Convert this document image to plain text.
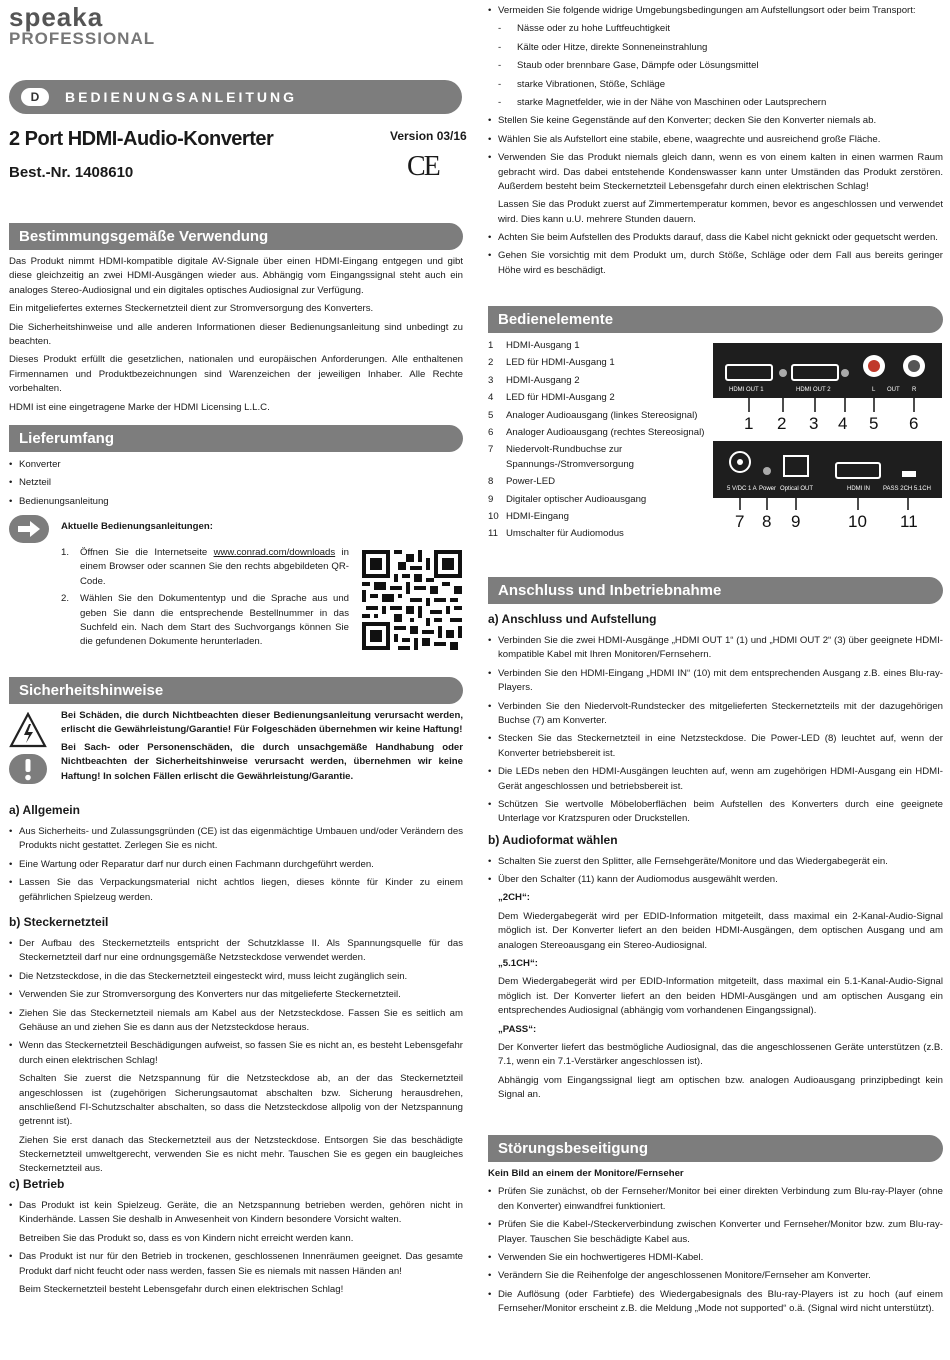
speaka
PROFESSIONAL
D	BEDIENUNGSANLEITUNG
2 Port HDMI-Audio-Konverter
Best.-Nr. 1408610
Version 03/16
CE
Bestimmungsgemäße Verwendung

Das Produkt nimmt HDMI-kompatible digitale AV-Signale über einen HDMI-Eingang entgegen und gibt diese gleichzeitig an zwei HDMI-Ausgängen wieder aus. Abhängig vom Eingangssignal steht auch ein analoges Stereo-Audiosignal und ein digitales optisches Audiosignal zur Verfügung.

Ein mitgeliefertes externes Steckernetzteil dient zur Stromversorgung des Konverters.

Die Sicherheitshinweise und alle anderen Informationen dieser Bedienungsanleitung sind unbedingt zu beachten.

Dieses Produkt erfüllt die gesetzlichen, nationalen und europäischen Anforderungen. Alle enthaltenen Firmennamen und Produktbezeichnungen sind Warenzeichen der jeweiligen Inhaber. Alle Rechte vorbehalten.

HDMI ist eine eingetragene Marke der HDMI Licensing L.L.C.

Lieferumfang
• Konverter
• Netzteil
• Bedienungsanleitung
Aktuelle Bedienungsanleitungen:
1. Öffnen Sie die Internetseite www.conrad.com/downloads in einem Browser oder scannen Sie den rechts abgebildeten QR-Code.
2. Wählen Sie den Dokumententyp und die Sprache aus und geben Sie dann die entsprechende Bestellnummer in das Suchfeld ein. Nach dem Start des Suchvorgangs können Sie die gefundenen Dokumente herunterladen.
Sicherheitshinweise
Bei Schäden, die durch Nichtbeachten dieser Bedienungsanleitung verursacht werden, erlischt die Gewährleistung/Garantie! Für Folgeschäden übernehmen wir keine Haftung!
Bei Sach- oder Personenschäden, die durch unsachgemäße Handhabung oder Nichtbeachten der Sicherheitshinweise verursacht werden, übernehmen wir keine Haftung! In solchen Fällen erlischt die Gewährleistung/Garantie.
a) Allgemein
• Aus Sicherheits- und Zulassungsgründen (CE) ist das eigenmächtige Umbauen und/oder Verändern des Produkts nicht gestattet. Zerlegen Sie es nicht.
• Eine Wartung oder Reparatur darf nur durch einen Fachmann durchgeführt werden.
• Lassen Sie das Verpackungsmaterial nicht achtlos liegen, dieses könnte für Kinder zu einem gefährlichen Spielzeug werden.
b) Steckernetzteil
• Der Aufbau des Steckernetzteils entspricht der Schutzklasse II. Als Spannungsquelle für das Steckernetzteil darf nur eine ordnungsgemäße Netzsteckdose verwendet werden.
• Die Netzsteckdose, in die das Steckernetzteil eingesteckt wird, muss leicht zugänglich sein.
• Verwenden Sie zur Stromversorgung des Konverters nur das mitgelieferte Steckernetzteil.
• Ziehen Sie das Steckernetzteil niemals am Kabel aus der Netzsteckdose. Fassen Sie es seitlich am Gehäuse an und ziehen Sie es dann aus der Netzsteckdose heraus.
• Wenn das Steckernetzteil Beschädigungen aufweist, so fassen Sie es nicht an, es besteht Lebensgefahr durch einen elektrischen Schlag!

Schalten Sie zuerst die Netzspannung für die Netzsteckdose ab, an der das Steckernetzteil angeschlossen ist (zugehörigen Sicherungsautomat abschalten bzw. Sicherung herausdrehen, anschließend FI-Schutzschalter abschalten, so dass die Netzsteckdose allpolig von der Netzspannung getrennt ist).

Ziehen Sie erst danach das Steckernetzteil aus der Netzsteckdose. Entsorgen Sie das beschädigte Steckernetzteil umweltgerecht, verwenden Sie es nicht mehr. Tauschen Sie es gegen ein baugleiches Steckernetzteil aus.

c) Betrieb
• Das Produkt ist kein Spielzeug. Geräte, die an Netzspannung betrieben werden, gehören nicht in Kinderhände. Lassen Sie deshalb in Anwesenheit von Kindern besondere Vorsicht walten.

Betreiben Sie das Produkt so, dass es von Kindern nicht erreicht werden kann.

• Das Produkt ist nur für den Betrieb in trockenen, geschlossenen Innenräumen geeignet. Das gesamte Produkt darf nicht feucht oder nass werden, fassen Sie es niemals mit nassen Händen an!

Beim Steckernetzteil besteht Lebensgefahr durch einen elektrischen Schlag!

• Vermeiden Sie folgende widrige Umgebungsbedingungen am Aufstellungsort oder beim Transport:
- Nässe oder zu hohe Luftfeuchtigkeit
- Kälte oder Hitze, direkte Sonneneinstrahlung
- Staub oder brennbare Gase, Dämpfe oder Lösungsmittel
- starke Vibrationen, Stöße, Schläge
- starke Magnetfelder, wie in der Nähe von Maschinen oder Lautsprechern
• Stellen Sie keine Gegenstände auf den Konverter; decken Sie den Konverter niemals ab.
• Wählen Sie als Aufstellort eine stabile, ebene, waagrechte und ausreichend große Fläche.
• Verwenden Sie das Produkt niemals gleich dann, wenn es von einem kalten in einen warmen Raum gebracht wird. Das dabei entstehende Kondenswasser kann unter Umständen das Produkt zerstören. Außerdem besteht beim Steckernetzteil Lebensgefahr durch einen elektrischen Schlag!

Lassen Sie das Produkt zuerst auf Zimmertemperatur kommen, bevor es angeschlossen und verwendet wird. Dies kann u.U. mehrere Stunden dauern.

• Achten Sie beim Aufstellen des Produkts darauf, dass die Kabel nicht geknickt oder gequetscht werden.
• Gehen Sie vorsichtig mit dem Produkt um, durch Stöße, Schläge oder dem Fall aus bereits geringer Höhe wird es beschädigt.
Bedienelemente
1	HDMI-Ausgang 1
2	LED für HDMI-Ausgang 1
3	HDMI-Ausgang 2
4	LED für HDMI-Ausgang 2
5	Analoger Audioausgang (linkes Stereosignal)
6	Analoger Audioausgang (rechtes Stereosignal)
7	Niedervolt-Rundbuchse zur Spannungs-/Stromversorgung
8	Power-LED
9	Digitaler optischer Audioausgang
10 HDMI-Eingang
11 Umschalter für Audiomodus
HDMI OUT 1	HDMI OUT 2	L OUT R
1 2 3 4 5 6
5 V/DC 1 A Power Optical OUT	HDMI IN PASS 2CH 5.1CH
7 8 9	10 11
Anschluss und Inbetriebnahme
a) Anschluss und Aufstellung
• Verbinden Sie die zwei HDMI-Ausgänge „HDMI OUT 1“ (1) und „HDMI OUT 2“ (3) über geeignete HDMI-kompatible Kabel mit Ihren Monitoren/Fernsehern.
• Verbinden Sie den HDMI-Eingang „HDMI IN“ (10) mit dem entsprechenden Ausgang z.B. eines Blu-ray-Players.
• Verbinden Sie den Niedervolt-Rundstecker des mitgelieferten Steckernetzteils mit der dazugehörigen Buchse (7) am Konverter.
• Stecken Sie das Steckernetzteil in eine Netzsteckdose. Die Power-LED (8) leuchtet auf, wenn der Konverter betriebsbereit ist.
• Die LEDs neben den HDMI-Ausgängen leuchten auf, wenn am zugehörigen HDMI-Ausgang ein HDMI-Gerät angeschlossen und betriebsbereit ist.
• Schützen Sie wertvolle Möbeloberflächen beim Aufstellen des Konverters durch eine geeignete Unterlage vor Kratzspuren oder Druckstellen.
b) Audioformat wählen
• Schalten Sie zuerst den Splitter, alle Fernsehgeräte/Monitore und das Wiedergabegerät ein.
• Über den Schalter (11) kann der Audiomodus ausgewählt werden.

„2CH“:

Dem Wiedergabegerät wird per EDID-Information mitgeteilt, dass maximal ein 2-Kanal-Audio-Signal möglich ist. Der Konverter liefert an den beiden HDMI-Ausgängen, dem optischen Ausgang und am analogen Stereoausgang ein Stereo-Audiosignal.

„5.1CH“:

Dem Wiedergabegerät wird per EDID-Information mitgeteilt, dass maximal ein 5.1-Kanal-Audio-Signal möglich ist. Der Konverter liefert an den beiden HDMI-Ausgängen und am optischen Ausgang ein entsprechendes Audiosignal (abhängig vom vorhandenen Eingangssignal).

„PASS“:

Der Konverter liefert das bestmögliche Audiosignal, das die angeschlossenen Geräte unterstützen (z.B. 7.1, wenn ein 7.1-Verstärker angeschlossen ist).

Abhängig vom Eingangssignal liegt am optischen bzw. analogen Audioausgang prinzipbedingt kein Signal an.

Störungsbeseitigung

Kein Bild an einem der Monitore/Fernseher

• Prüfen Sie zunächst, ob der Fernseher/Monitor bei einer direkten Verbindung zum Blu-ray-Player (ohne den Konverter) einwandfrei funktioniert.
• Prüfen Sie die Kabel-/Steckerverbindung zwischen Konverter und Fernseher/Monitor bzw. zum Blu-ray-Player. Tauschen Sie beschädigte Kabel aus.
• Verwenden Sie ein hochwertigeres HDMI-Kabel.
• Verändern Sie die Reihenfolge der angeschlossenen Monitore/Fernseher am Konverter.
• Die Auflösung (oder Farbtiefe) des Wiedergabesignals des Blu-ray-Players ist zu hoch (auf einem Fernseher/Monitor erscheint z.B. die Meldung „Mode not supported“ o.ä. (Signal wird nicht unterstützt).
